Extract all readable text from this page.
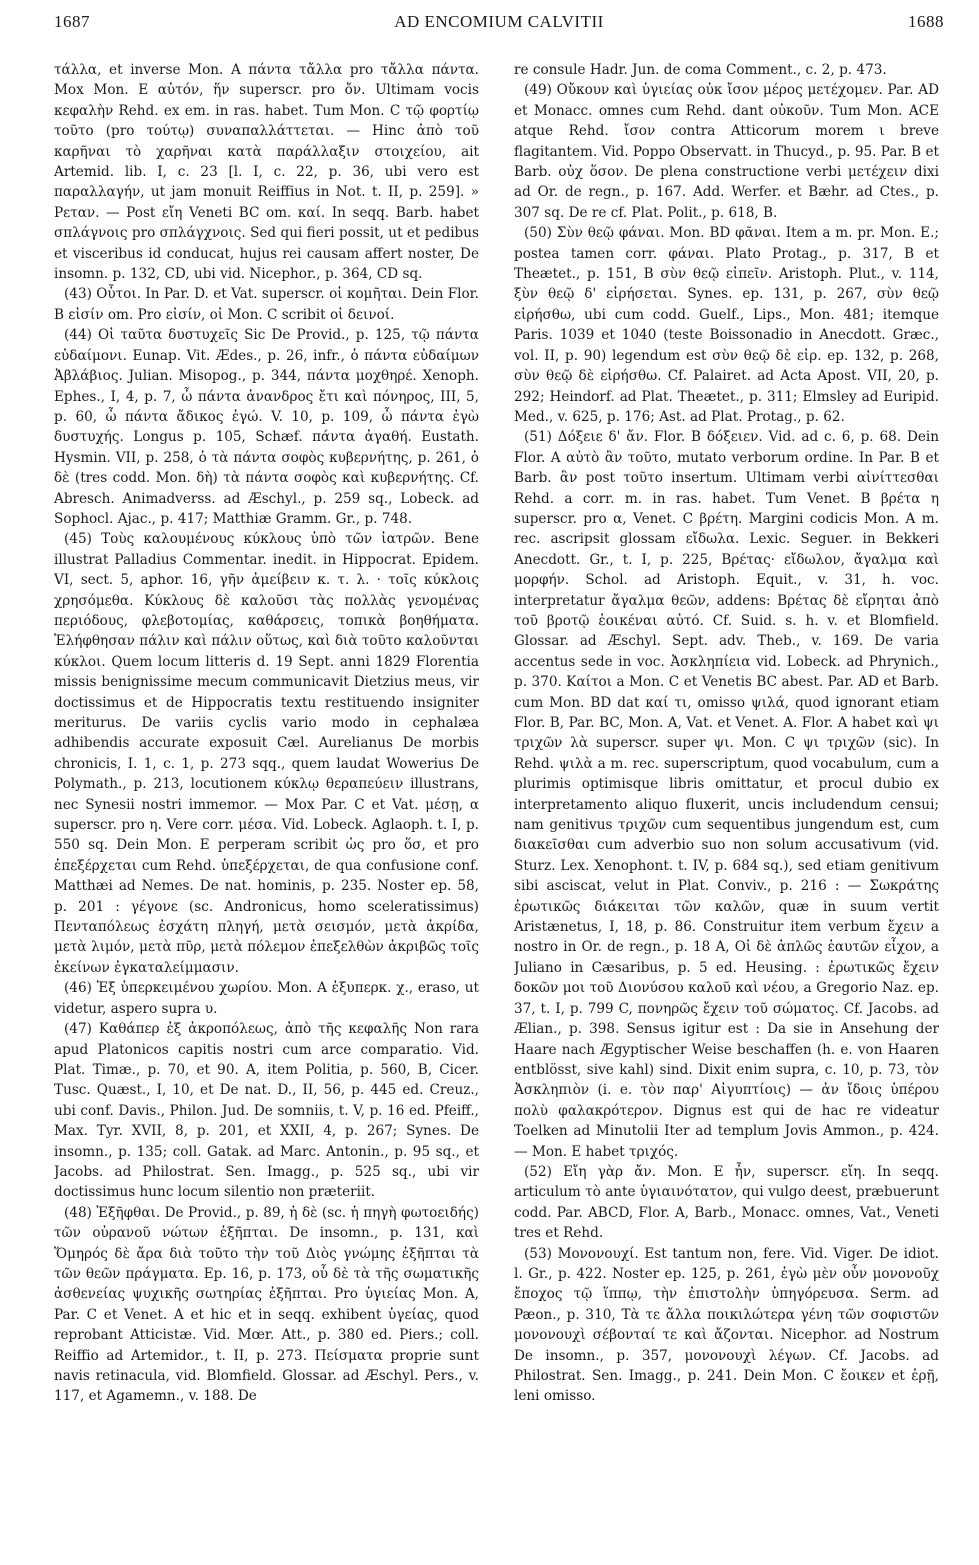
1687	AD ENCOMIUM CALVITII	1688

τάλλα, et inverse Mon. A πάντα τἄλλα pro τἄλλα πάντα. Mox Mon. E αὐτόν, ἥν superscr. pro ὄν. Ultimam vocis κεφαλὴν Rehd. ex em. in ras. habet. Tum Mon. C τῷ φορτίῳ τοῦτο (pro τούτῳ) συναπαλλάττεται. — Hinc ἀπὸ τοῦ καρῆναι τὸ χαρῆναι κατὰ παράλλαξιν στοιχείου, ait Artemid. lib. I, c. 23 [l. I, c. 22, p. 36, ubi vero est παραλλαγήν, ut jam monuit Reiffius in Not. t. II, p. 259]. » Pεταν. — Post εἴη Veneti BC om. καί. In seqq. Barb. habet σπλάγνοις pro σπλάγχνοις. Sed qui fieri possit, ut et pedibus et visceribus id conducat, hujus rei causam affert noster, De insomn. p. 132, CD, ubi vid. Nicephor., p. 364, CD sq.

(43) Οὗτοι. In Par. D. et Vat. superscr. οἱ κομῆται. Dein Flor. B εἰσίν om. Pro εἰσίν, οἱ Mon. C scribit οἱ δεινοί.

(44) Οἱ ταῦτα δυστυχεῖς Sic De Provid., p. 125, τῷ πάντα εὐδαίμονι. Eunap. Vit. Ædes., p. 26, infr., ὁ πάντα εὐδαίμων Ἀβλάβιος. Julian. Misopog., p. 344, πάντα μοχθηρέ. Xenoph. Ephes., I, 4, p. 7, ὦ πάντα ἀνανδρος ἔτι καὶ πόνηρος, III, 5, p. 60, ὦ πάντα ἄδικος ἐγώ. V. 10, p. 109, ὦ πάντα ἐγὼ δυστυχής. Longus p. 105, Schæf. πάντα ἀγαθή. Eustath. Hysmin. VII, p. 258, ὁ τὰ πάντα σοφὸς κυβερνήτης, p. 261, ὁ δὲ (tres codd. Mon. δὴ) τὰ πάντα σοφὸς καὶ κυβερνήτης. Cf. Abresch. Animadverss. ad Æschyl., p. 259 sq., Lobeck. ad Sophocl. Ajac., p. 417; Matthiæ Gramm. Gr., p. 748.

(45) Τοὺς καλουμένους κύκλους ὑπὸ τῶν ἰατρῶν. Bene illustrat Palladius Commentar. inedit. in Hippocrat. Epidem. VI, sect. 5, aphor. 16, γῆν ἀμείβειν κ. τ. λ. · τοῖς κύκλοις χρησόμεθα. Κύκλους δὲ καλοῦσι τὰς πολλὰς γενομένας περιόδους, φλεβοτομίας, καθάρσεις, τοπικὰ βοηθήματα. Ἐλήφθησαν πάλιν καὶ πάλιν οὕτως, καὶ διὰ τοῦτο καλοῦνται κύκλοι. Quem locum litteris d. 19 Sept. anni 1829 Florentia missis benignissime mecum communicavit Dietzius meus, vir doctissimus et de Hippocratis textu restituendo insigniter meriturus. De variis cyclis vario modo in cephalæa adhibendis accurate exposuit Cæl. Aurelianus De morbis chronicis, I. 1, c. 1, p. 273 sqq., quem laudat Wowerius De Polymath., p. 213, locutionem κύκλῳ θεραπεύειν illustrans, nec Synesii nostri immemor. — Mox Par. C et Vat. μέσῃ, α superscr. pro η. Vere corr. μέσα. Vid. Lobeck. Aglaoph. t. I, p. 550 sq. Dein Mon. E perperam scribit ὡς pro ὅσ, et pro ἐπεξέρχεται cum Rehd. ὑπεξέρχεται, de qua confusione conf. Matthæi ad Nemes. De nat. hominis, p. 235. Noster ep. 58, p. 201 : γέγονε (sc. Andronicus, homo sceleratissimus) Πενταπόλεως ἐσχάτη πληγή, μετὰ σεισμόν, μετὰ ἀκρίδα, μετὰ λιμόν, μετὰ πῦρ, μετὰ πόλεμον ἐπεξελθὼν ἀκριβῶς τοῖς ἐκείνων ἐγκαταλείμμασιν.

(46) Ἐξ ὑπερκειμένου χωρίου. Mon. A ἐξυπερκ. χ., eraso, ut videtur, aspero supra υ.

(47) Καθάπερ ἐξ ἀκροπόλεως, ἀπὸ τῆς κεφαλῆς Non rara apud Platonicos capitis nostri cum arce comparatio. Vid. Plat. Timæ., p. 70, et 90. A, item Politia, p. 560, B, Cicer. Tusc. Quæst., I, 10, et De nat. D., II, 56, p. 445 ed. Creuz., ubi conf. Davis., Philon. Jud. De somniis, t. V, p. 16 ed. Pfeiff., Max. Tyr. XVII, 8, p. 201, et XXII, 4, p. 267; Synes. De insomn., p. 135; coll. Gatak. ad Marc. Antonin., p. 95 sq., et Jacobs. ad Philostrat. Sen. Imagg., p. 525 sq., ubi vir doctissimus hunc locum silentio non præteriit.

(48) Ἐξῆφθαι. De Provid., p. 89, ἡ δὲ (sc. ἡ πηγὴ φωτοειδής) τῶν οὐρανοῦ νώτων ἐξῆπται. De insomn., p. 131, καὶ Ὅμηρός δὲ ἄρα διὰ τοῦτο τὴν τοῦ Διὸς γνώμης ἐξῆπται τὰ τῶν θεῶν πράγματα. Ep. 16, p. 173, οὗ δὲ τὰ τῆς σωματικῆς ἀσθενείας ψυχικῆς σωτηρίας ἐξῆπται. Pro ὑγιείας Mon. A, Par. C et Venet. A et hic et in seqq. exhibent ὑγείας, quod reprobant Atticistæ. Vid. Mœr. Att., p. 380 ed. Piers.; coll. Reiffio ad Artemidor., t. II, p. 273. Πείσματα proprie sunt navis retinacula, vid. Blomfield. Glossar. ad Æschyl. Pers., v. 117, et Agamemn., v. 188. De

re consule Hadr. Jun. de coma Comment., c. 2, p. 473.

(49) Οὔκουν καὶ ὑγιείας οὐκ ἴσον μέρος μετέχομεν. Par. AD et Monacc. omnes cum Rehd. dant οὐκοῦν. Tum Mon. ACE atque Rehd. ἴσον contra Atticorum morem ι breve flagitantem. Vid. Poppo Observatt. in Thucyd., p. 95. Par. B et Barb. οὐχ ὅσον. De plena constructione verbi μετέχειν dixi ad Or. de regn., p. 167. Add. Werfer. et Bæhr. ad Ctes., p. 307 sq. De re cf. Plat. Polit., p. 618, B.

(50) Σὺν θεῷ φάναι. Mon. BD φᾶναι. Item a m. pr. Mon. E.; postea tamen corr. φάναι. Plato Protag., p. 317, B et Theætet., p. 151, B σὺν θεῷ εἰπεῖν. Aristoph. Plut., v. 114, ξὺν θεῷ δ' εἰρήσεται. Synes. ep. 131, p. 267, σὺν θεῷ εἰρήσθω, ubi cum codd. Guelf., Lips., Mon. 481; itemque Paris. 1039 et 1040 (teste Boissonadio in Anecdott. Græc., vol. II, p. 90) legendum est σὺν θεῷ δὲ εἰρ. ep. 132, p. 268, σὺν θεῷ δὲ εἰρήσθω. Cf. Palairet. ad Acta Apost. VII, 20, p. 292; Heindorf. ad Plat. Theætet., p. 311; Elmsley ad Euripid. Med., v. 625, p. 176; Ast. ad Plat. Protag., p. 62.

(51) Δόξειε δ' ἄν. Flor. B δόξειεν. Vid. ad c. 6, p. 68. Dein Flor. A αὐτὸ ἂν τοῦτο, mutato verborum ordine. In Par. B et Barb. ἂν post τοῦτο insertum. Ultimam verbi αἰνίττεσθαι Rehd. a corr. m. in ras. habet. Tum Venet. B βρέτα η superscr. pro α, Venet. C βρέτη. Margini codicis Mon. A m. rec. ascripsit glossam εἴδωλα. Lexic. Seguer. in Bekkeri Anecdott. Gr., t. I, p. 225, Βρέτας· εἴδωλον, ἄγαλμα καὶ μορφήν. Schol. ad Aristoph. Equit., v. 31, h. voc. interpretatur ἄγαλμα θεῶν, addens: Βρέτας δὲ εἴρηται ἀπὸ τοῦ βροτῷ ἐοικέναι αὐτό. Cf. Suid. s. h. v. et Blomfield. Glossar. ad Æschyl. Sept. adv. Theb., v. 169. De varia accentus sede in voc. Ἀσκληπίεια vid. Lobeck. ad Phrynich., p. 370. Καίτοι a Mon. C et Venetis BC abest. Par. AD et Barb. cum Mon. BD dat καί τι, omisso ψιλά, quod ignorant etiam Flor. B, Par. BC, Mon. A, Vat. et Venet. A. Flor. A habet καὶ ψι τριχῶν λὰ superscr. super ψι. Mon. C ψι τριχῶν (sic). In Rehd. ψιλὰ a m. rec. superscriptum, quod vocabulum, cum a plurimis optimisque libris omittatur, et procul dubio ex interpretamento aliquo fluxerit, uncis includendum censui; nam genitivus τριχῶν cum sequentibus jungendum est, cum διακεῖσθαι cum adverbio suo non solum accusativum (vid. Sturz. Lex. Xenophont. t. IV, p. 684 sq.), sed etiam genitivum sibi asciscat, velut in Plat. Conviv., p. 216 : — Σωκράτης ἐρωτικῶς διάκειται τῶν καλῶν, quæ in suum vertit Aristænetus, I, 18, p. 86. Construitur item verbum ἔχειν a nostro in Or. de regn., p. 18 A, Οἱ δὲ ἁπλῶς ἑαυτῶν εἶχον, a Juliano in Cæsaribus, p. 5 ed. Heusing. : ἐρωτικῶς ἔχειν δοκῶν μοι τοῦ Διονύσου καλοῦ καὶ νέου, a Gregorio Naz. ep. 37, t. I, p. 799 C, πονηρῶς ἔχειν τοῦ σώματος. Cf. Jacobs. ad Ælian., p. 398. Sensus igitur est : Da sie in Ansehung der Haare nach Ægyptischer Weise beschaffen (h. e. von Haaren entblösst, sive kahl) sind. Dixit enim supra, c. 10, p. 73, τὸν Ἀσκληπιὸν (i. e. τὸν παρ' Αἰγυπτίοις) — ἀν ἴδοις ὑπέρου πολὺ φαλακρότερον. Dignus est qui de hac re videatur Toelken ad Minutolii Iter ad templum Jovis Ammon., p. 424. — Mon. E habet τριχός.

(52) Εἴη γὰρ ἄν. Mon. E ἦν, superscr. εἴη. In seqq. articulum τὸ ante ὑγιαινότατον, qui vulgo deest, præbuerunt codd. Par. ABCD, Flor. A, Barb., Monacc. omnes, Vat., Veneti tres et Rehd.

(53) Μονονουχί. Est tantum non, fere. Vid. Viger. De idiot. l. Gr., p. 422. Noster ep. 125, p. 261, ἐγὼ μὲν οὖν μονονοῦχ ἔποχος τῷ ἵππῳ, τὴν ἐπιστολὴν ὑπηγόρευσα. Serm. ad Pæon., p. 310, Τὰ τε ἄλλα ποικιλώτερα γένη τῶν σοφιστῶν μονονουχὶ σέβονταί τε καὶ ἄζονται. Nicephor. ad Nostrum De insomn., p. 357, μονονουχὶ λέγων. Cf. Jacobs. ad Philostrat. Sen. Imagg., p. 241. Dein Mon. C ἔοικεν et ἐρῇ, leni omisso.
